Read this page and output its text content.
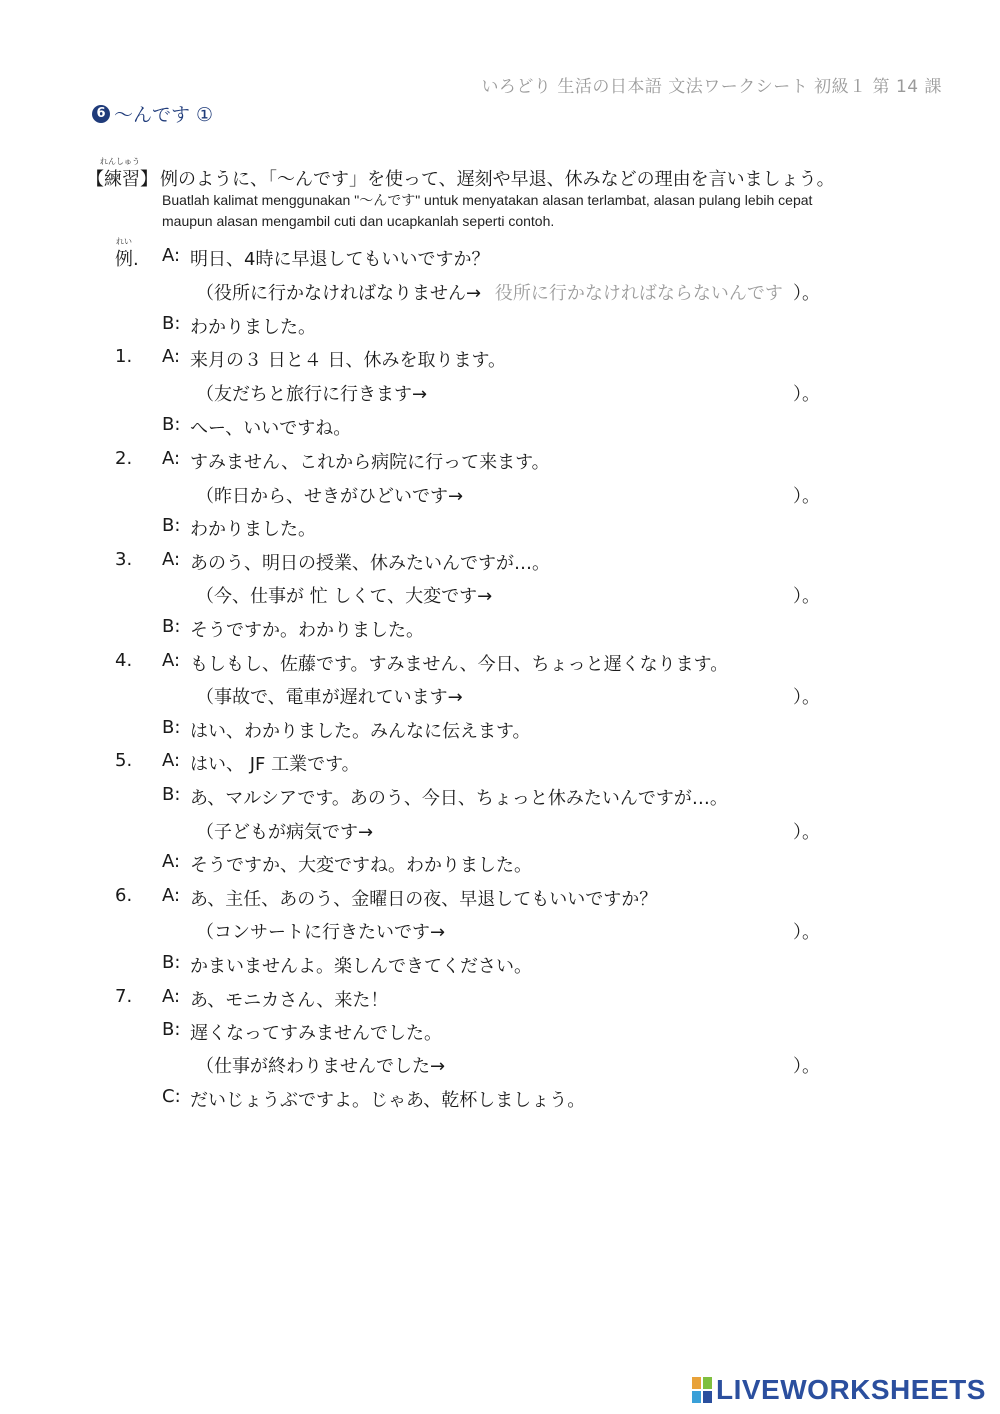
いろどり 生活の日本語 文法ワークシート 初級１ 第 14 課
6 ～んです ①
れんしゅう
【練習】 例のように、「～んです」を使って、遅刻や早退、休みなどの理由を言いましょう。
Buatlah kalimat menggunakan "～んです" untuk menyatakan alasan terlambat, alasan pulang lebih cepat
maupun alasan mengambil cuti dan ucapkanlah seperti contoh.
れい
例. A: 明日、4時に早退してもいいですか？
（役所に行かなければなりません→ 役所に行かなければならないんです ）。
B: わかりました。
1. A: 来月の３ 日と４ 日、休みを取ります。
（友だちと旅行に行きます→	）。
B: へー、いいですね。
2. A: すみません、これから病院に行って来ます。
（昨日から、せきがひどいです→	）。
B: わかりました。
3. A: あのう、明日の授業、休みたいんですが…。
（今、仕事が 忙 しくて、大変です→	）。
B: そうですか。わかりました。
4. A: もしもし、佐藤です。すみません、今日、ちょっと遅くなります。
（事故で、電車が遅れています→	）。
B: はい、わかりました。みんなに伝えます。
5. A: はい、 JF 工業です。
B: あ、マルシアです。あのう、今日、ちょっと休みたいんですが…。
（子どもが病気です→	）。
A: そうですか、大変ですね。わかりました。
6. A: あ、主任、あのう、金曜日の夜、早退してもいいですか？
（コンサートに行きたいです→	）。
B: かまいませんよ。楽しんできてください。
7. A: あ、モニカさん、来た！
B: 遅くなってすみませんでした。
（仕事が終わりませんでした→	）。
C: だいじょうぶですよ。じゃあ、乾杯しましょう。
LIVEWORKSHEETS
